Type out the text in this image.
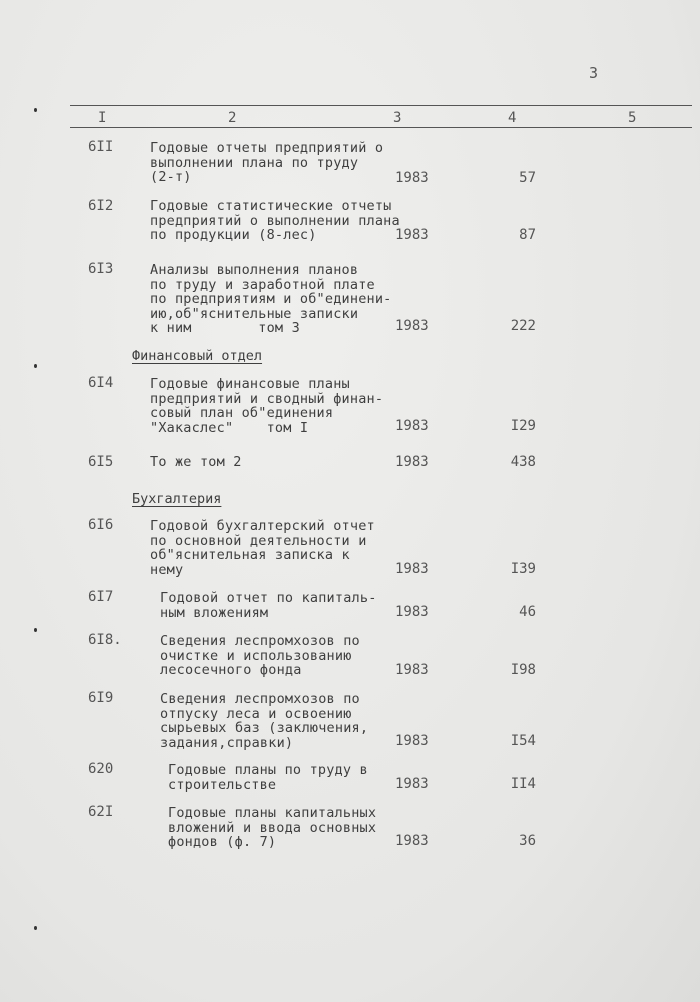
3
I	2	3	4	5
6II	Годовые отчеты предприятий о
выполнении плана по труду
(2-т)	1983	57
6I2	Годовые статистические отчеты
предприятий о выполнении плана
по продукции (8-лес)	1983	87
6I3	Анализы выполнения планов
по труду и заработной плате
по предприятиям и об"единени-
ию,об"яснительные записки
к ним        том 3	1983	222
Финансовый отдел
6I4	Годовые финансовые планы
предприятий и сводный финан-
совый план об"единения
"Хакаслес"    том I	1983	I29
6I5	То же том 2	1983	438
Бухгалтерия
6I6	Годовой бухгалтерский отчет
по основной деятельности и
об"яснительная записка к
нему	1983	I39
6I7	Годовой отчет по капиталь-
ным вложениям	1983	46
6I8.	Сведения леспромхозов по
очистке и использованию
лесосечного фонда	1983	I98
6I9	Сведения леспромхозов по
отпуску леса и освоению
сырьевых баз (заключения,
задания,справки)	1983	I54
620	Годовые планы по труду в
строительстве	1983	II4
62I	Годовые планы капитальных
вложений и ввода основных
фондов (ф. 7)	1983	36
